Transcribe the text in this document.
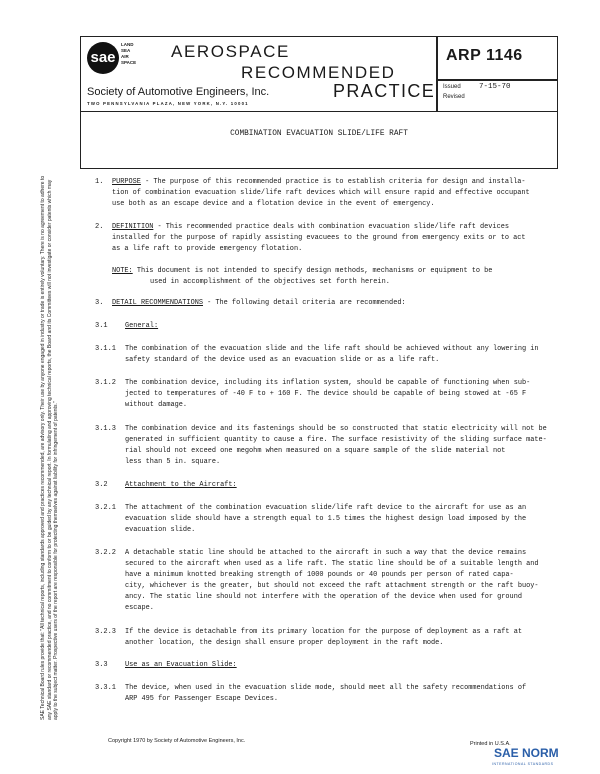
sae
LAND
SEA
AIR
SPACE
AEROSPACE
RECOMMENDED
PRACTICE
Society of Automotive Engineers, Inc.
TWO PENNSYLVANIA PLAZA, NEW YORK, N.Y. 10001
ARP 1146
Issued 7-15-70
Revised
COMBINATION EVACUATION SLIDE/LIFE RAFT
1. PURPOSE - The purpose of this recommended practice is to establish criteria for design and installa-
tion of combination evacuation slide/life raft devices which will ensure rapid and effective occupant
use both as an escape device and a flotation device in the event of emergency.
2. DEFINITION - This recommended practice deals with combination evacuation slide/life raft devices
installed for the purpose of rapidly assisting evacuees to the ground from emergency exits or to act
as a life raft to provide emergency flotation.
NOTE: This document is not intended to specify design methods, mechanisms or equipment to be
used in accomplishment of the objectives set forth herein.
3. DETAIL RECOMMENDATIONS - The following detail criteria are recommended:
3.1	General:
3.1.1 The combination of the evacuation slide and the life raft should be achieved without any lowering in
safety standard of the device used as an evacuation slide or as a life raft.
3.1.2 The combination device, including its inflation system, should be capable of functioning when sub-
jected to temperatures of -40 F to + 160 F. The device should be capable of being stowed at -65 F
without damage.
3.1.3 The combination device and its fastenings should be so constructed that static electricity will not be
generated in sufficient quantity to cause a fire. The surface resistivity of the sliding surface mate-
rial should not exceed one megohm when measured on a square sample of the slide material not
less than 5 in. square.
3.2	Attachment to the Aircraft:
3.2.1 The attachment of the combination evacuation slide/life raft device to the aircraft for use as an
evacuation slide should have a strength equal to 1.5 times the highest design load imposed by the
evacuation slide.
3.2.2 A detachable static line should be attached to the aircraft in such a way that the device remains
secured to the aircraft when used as a life raft. The static line should be of a suitable length and
have a minimum knotted breaking strength of 1000 pounds or 40 pounds per person of rated capa-
city, whichever is the greater, but should not exceed the raft attachment strength or the raft buoy-
ancy. The static line should not interfere with the operation of the device when used for ground
escape.
3.2.3 If the device is detachable from its primary location for the purpose of deployment as a raft at
another location, the design shall ensure proper deployment in the raft mode.
3.3	Use as an Evacuation Slide:
3.3.1 The device, when used in the evacuation slide mode, should meet all the safety recommendations of
ARP 495 for Passenger Escape Devices.
SAE Technical Board rules provide that: "All technical reports, including standards approved and practices recommended, are advisory only. Their use by anyone engaged in industry or trade is entirely voluntary. There is no agreement to adhere to any SAE standard or recommended practice, and no commitment to conform to or be guided by any technical report. In formulating and approving technical reports, the Board and its Committees will not investigate or consider patents which may apply to the subject matter. Prospective users of the report are responsible for protecting themselves against liability for infringement of patents."
Copyright 1970 by Society of Automotive Engineers, Inc.	Printed in U.S.A.
SAE NORM
INTERNATIONAL STANDARDS
